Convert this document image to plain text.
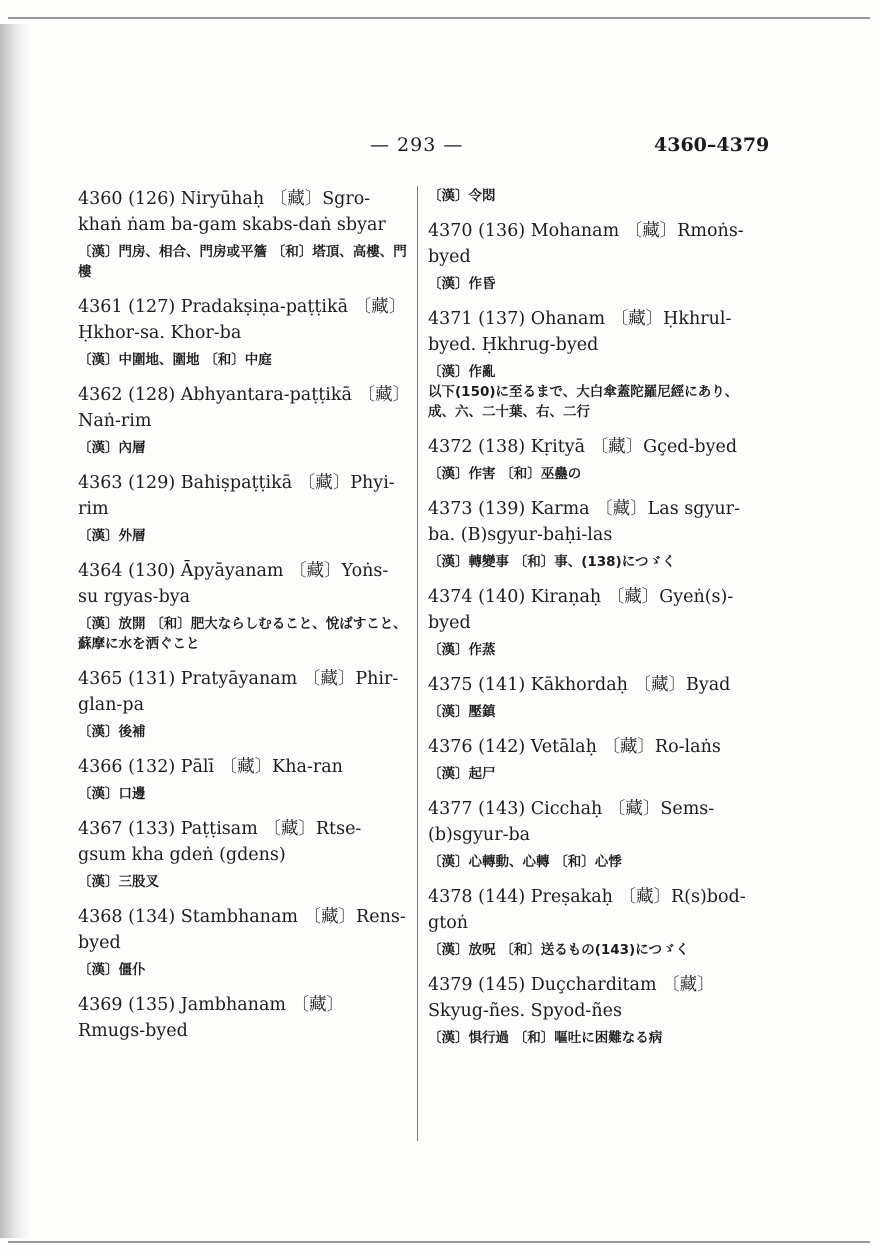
— 293 —	4360–4379
4360 (126) Niryūhaḥ 〔藏〕Sgro-khaṅ ṅam ba-gam skabs-daṅ sbyar
〔漢〕門房、相合、門房或平簷 〔和〕塔頂、高樓、門樓
4361 (127) Pradakṣiṇa-paṭṭikā 〔藏〕Ḥkhor-sa. Khor-ba
〔漢〕中圍地、圍地 〔和〕中庭
4362 (128) Abhyantara-paṭṭikā 〔藏〕Naṅ-rim
〔漢〕內層
4363 (129) Bahiṣpaṭṭikā 〔藏〕Phyi-rim
〔漢〕外層
4364 (130) Āpyāyanam 〔藏〕Yoṅs-su rgyas-bya
〔漢〕放開 〔和〕肥大ならしむること、悅ばすこと、蘇摩に水を洒ぐこと
4365 (131) Pratyāyanam 〔藏〕Phir-glan-pa
〔漢〕後補
4366 (132) Pālī 〔藏〕Kha-ran
〔漢〕口邊
4367 (133) Paṭṭisam 〔藏〕Rtse-gsum kha gdeṅ (gdens)
〔漢〕三股叉
4368 (134) Stambhanam 〔藏〕Rens-byed
〔漢〕僵仆
4369 (135) Jambhanam 〔藏〕Rmugs-byed
〔漢〕令悶
4370 (136) Mohanam 〔藏〕Rmoṅs-byed
〔漢〕作昏
4371 (137) Ohanam 〔藏〕Ḥkhrul-byed. Ḥkhrug-byed
〔漢〕作亂
以下(150)に至るまで、大白傘蓋陀羅尼經にあり、成、六、二十葉、右、二行
4372 (138) Kṛityā 〔藏〕Gçed-byed
〔漢〕作害 〔和〕巫蠱の
4373 (139) Karma 〔藏〕Las sgyur-ba. (B)sgyur-baḥi-las
〔漢〕轉變事 〔和〕事、(138)につゞく
4374 (140) Kiraṇaḥ 〔藏〕Gyeṅ(s)-byed
〔漢〕作蒸
4375 (141) Kākhordaḥ 〔藏〕Byad
〔漢〕壓鎮
4376 (142) Vetālaḥ 〔藏〕Ro-laṅs
〔漢〕起尸
4377 (143) Cicchaḥ 〔藏〕Sems-(b)sgyur-ba
〔漢〕心轉動、心轉 〔和〕心悸
4378 (144) Preṣakaḥ 〔藏〕R(s)bod-gtoṅ
〔漢〕放呪 〔和〕送るもの(143)につゞく
4379 (145) Duçcharditam 〔藏〕Skyug-ñes. Spyod-ñes
〔漢〕惧行過 〔和〕嘔吐に困難なる病
